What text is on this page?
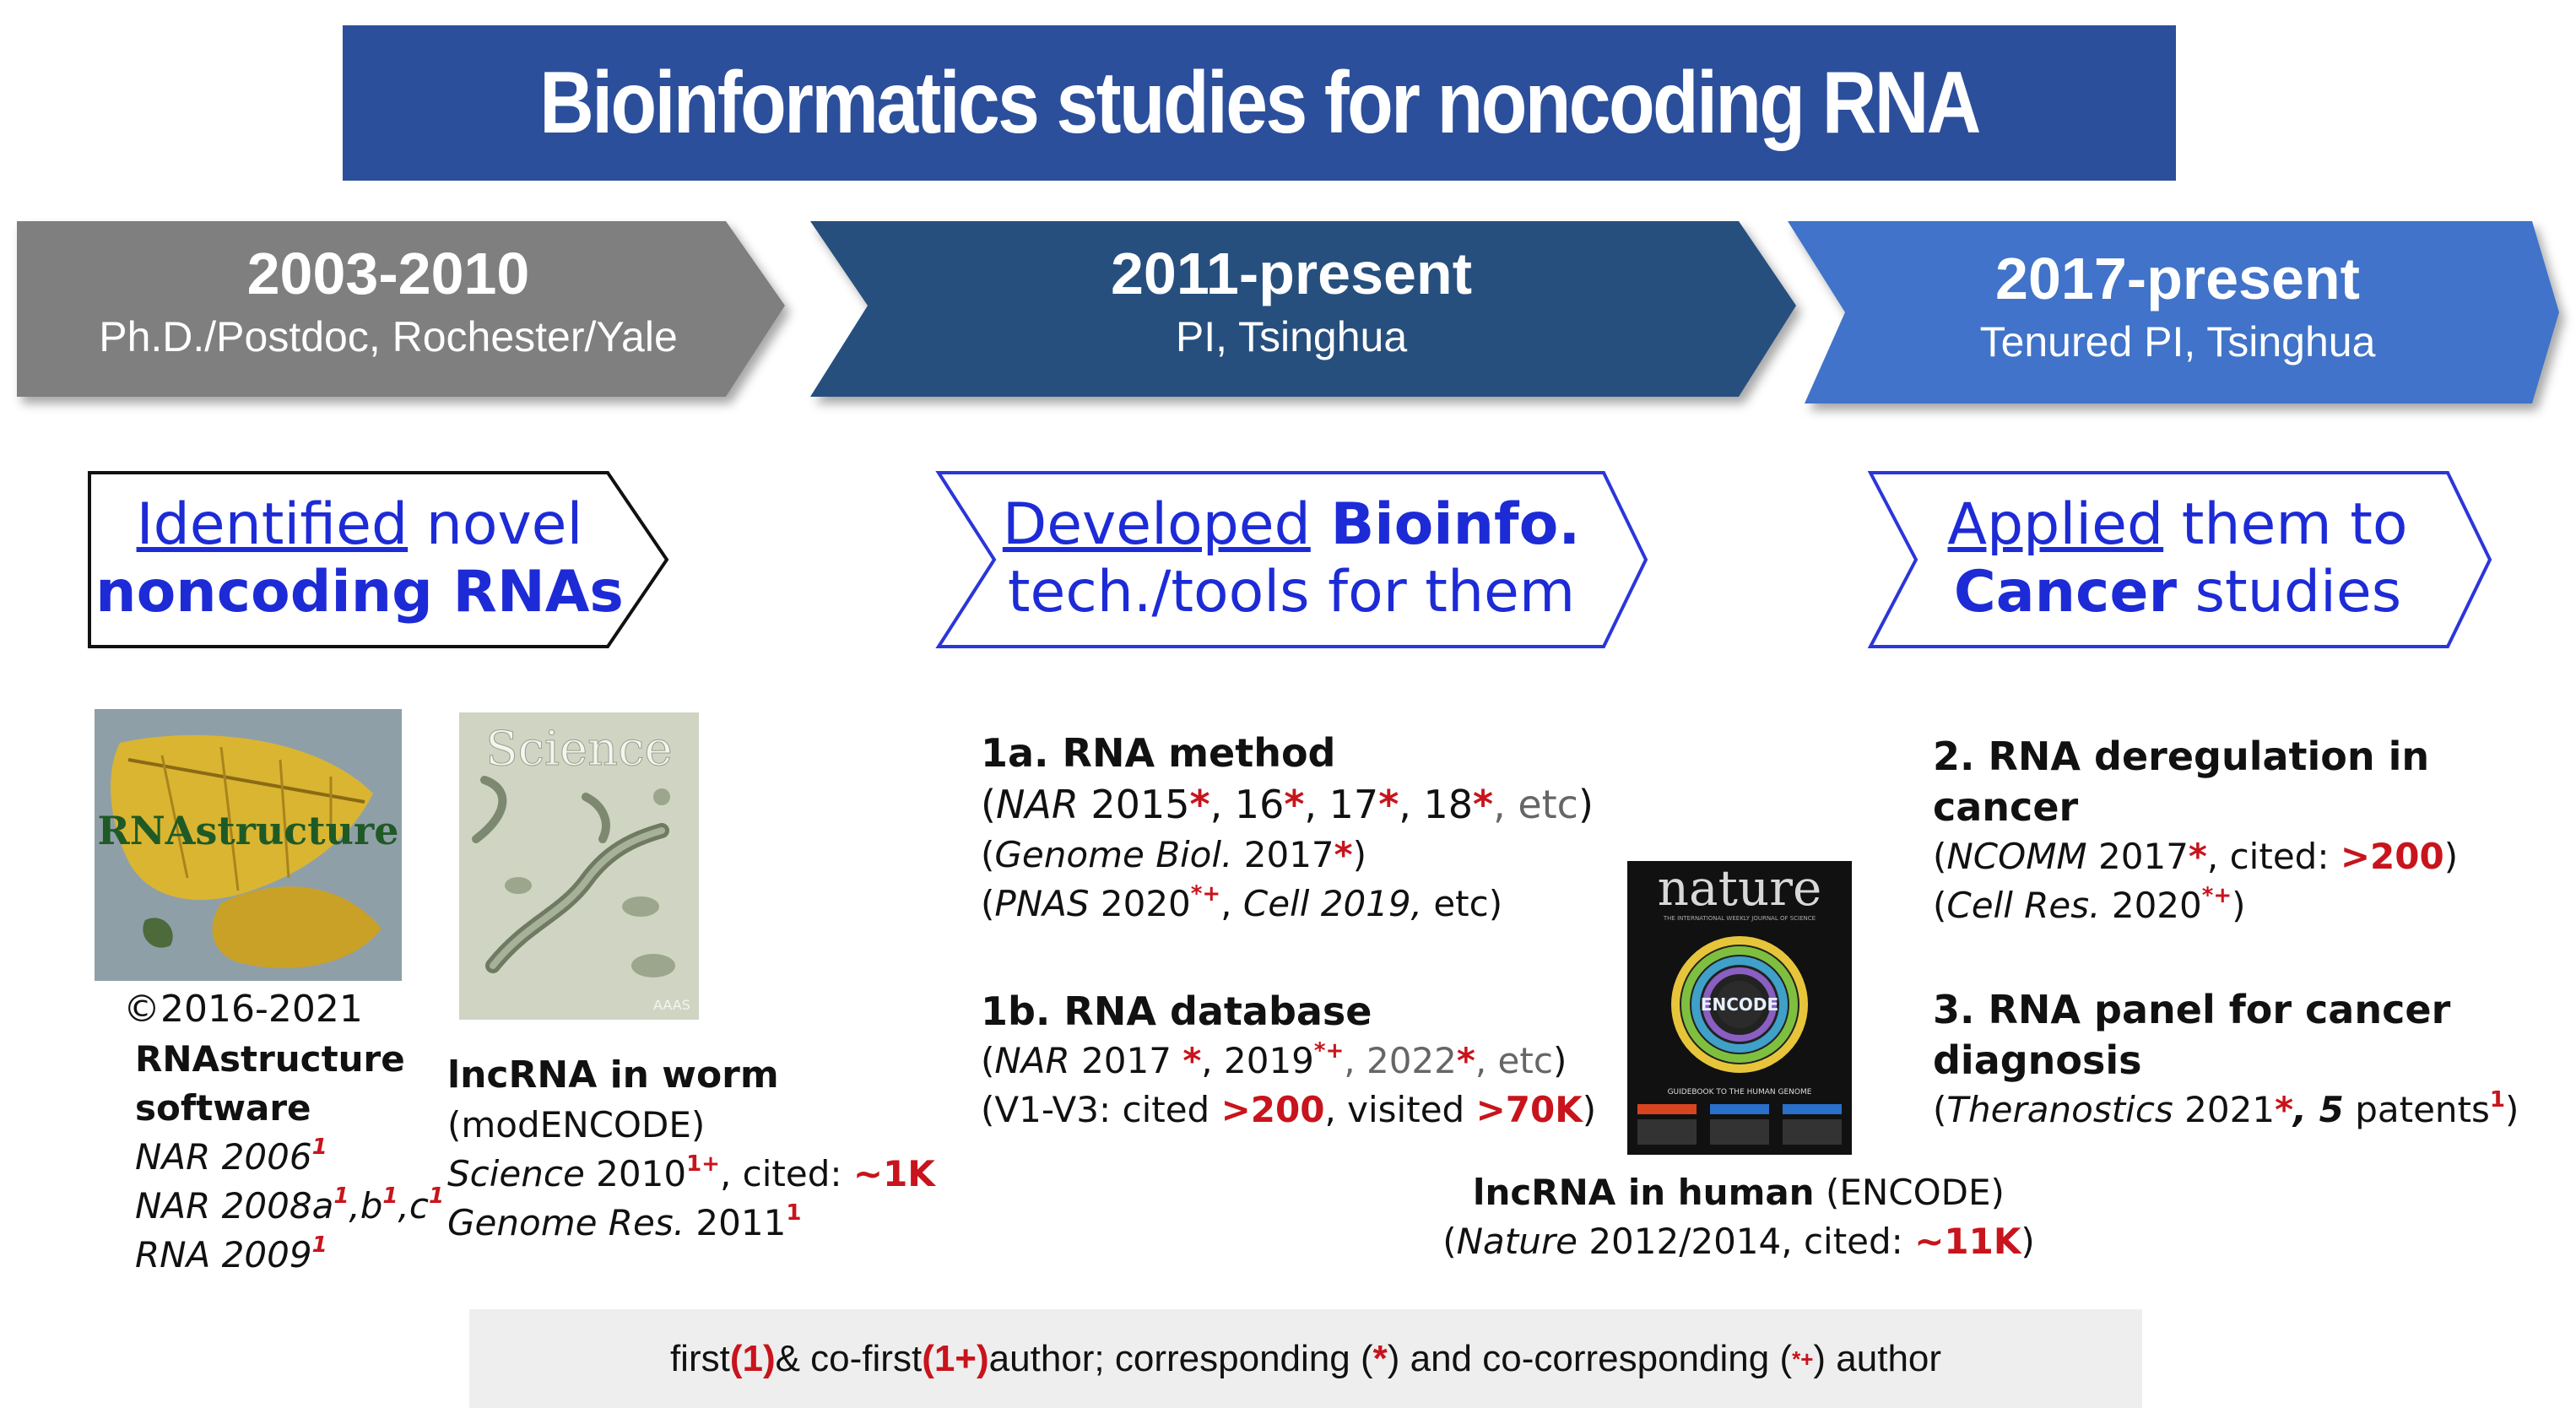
Bioinformatics studies for noncoding RNA
2003-2010
Ph.D./Postdoc, Rochester/Yale
2011-present
PI, Tsinghua
2017-present
Tenured PI, Tsinghua
Identified novel
noncoding RNAs
Developed Bioinfo.
tech./tools for them
Applied them to
Cancer studies
RNAstructure
©2016-2021
RNAstructure
software
NAR 2006$^1$
NAR $2008a^1,b^1,c^1$
RNA 2009$^1$
Science
AAAS
lncRNA in worm
(modENCODE)
Science $2010^{1+}$, cited: ~1K
Genome Res. 2011$^1$
1a. RNA method
(NAR 2015*, 16*, 17*, 18*, etc)
(Genome Biol. 2017*)
(PNAS 2020*+, Cell 2019, etc)
1b. RNA database
(NAR 2017 *, 2019*+, 2022*, etc)
(V1-V3: cited >200, visited >70K)
nature
THE INTERNATIONAL WEEKLY JOURNAL OF SCIENCE
ENCODE
GUIDEBOOK TO THE HUMAN GENOME
lncRNA in human (ENCODE)
(Nature 2012/2014, cited: ~11K)
2. RNA deregulation in cancer
(NCOMM 2017*, cited: >200)
(Cell Res. 2020*+)
3. RNA panel for cancer diagnosis
(Theranostics 2021*, 5 patents$^1$)
first (1) & co-first (1+) author; corresponding ( * ) and co-corresponding ( *+ ) author
